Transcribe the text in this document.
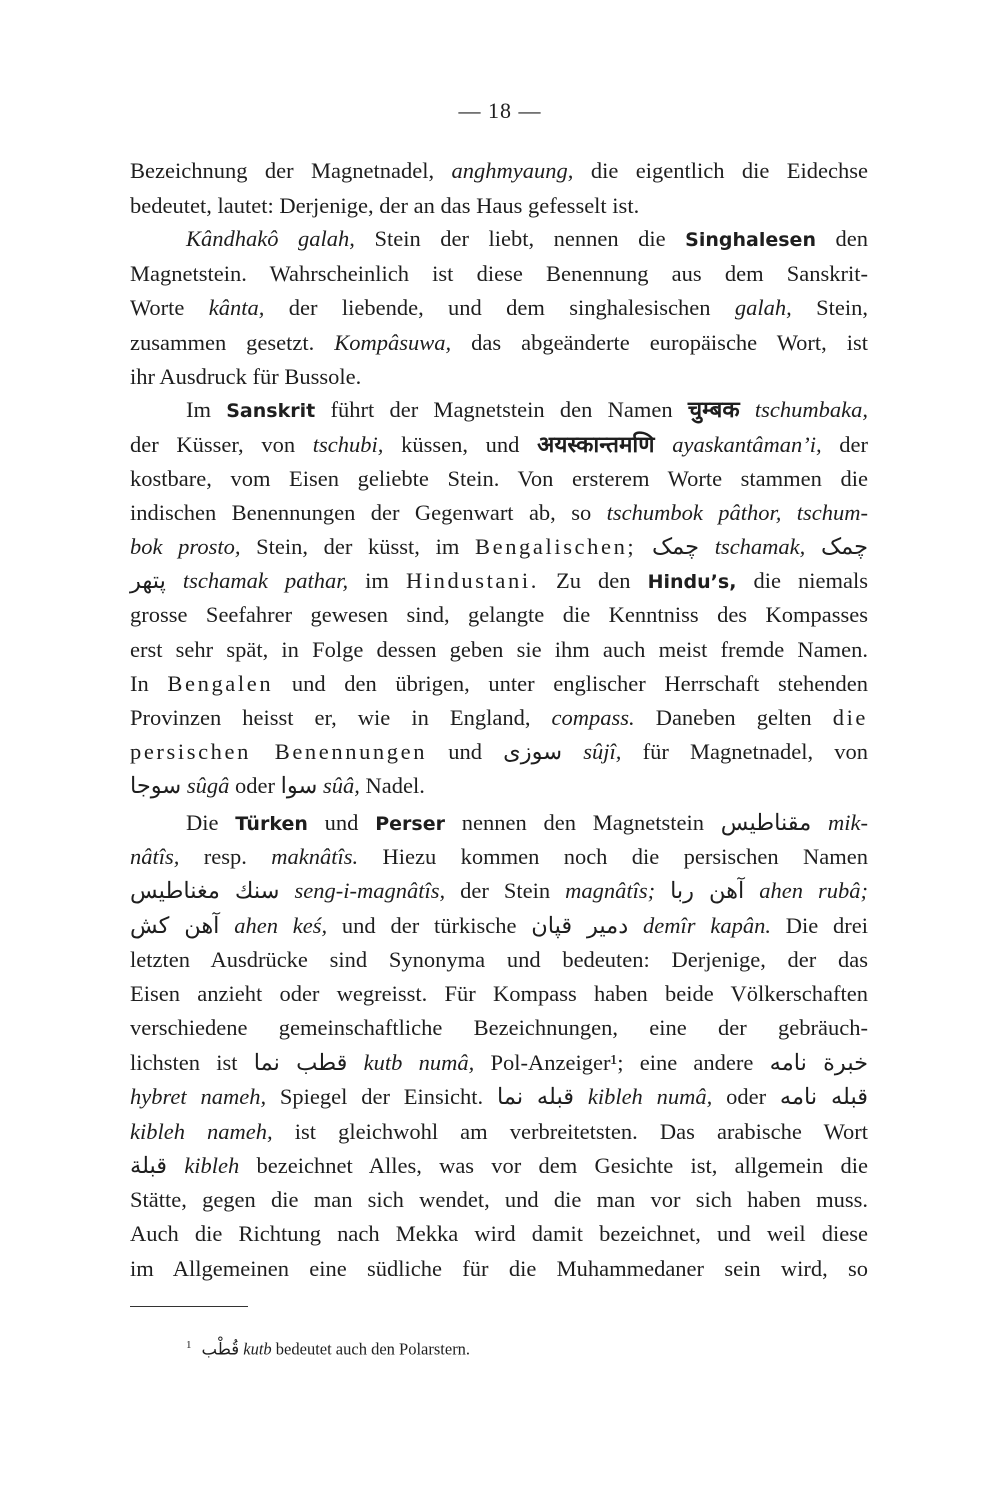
— 18 —
Bezeichnung der Magnetnadel, anghmyaung, die eigentlich die Eidechse
bedeutet, lautet: Derjenige, der an das Haus gefesselt ist.
Kândhakô galah, Stein der liebt, nennen die Singhalesen den
Magnetstein. Wahrscheinlich ist diese Benennung aus dem Sanskrit-
Worte kânta, der liebende, und dem singhalesischen galah, Stein,
zusammen gesetzt. Kompâsuwa, das abgeänderte europäische Wort, ist
ihr Ausdruck für Bussole.
Im Sanskrit führt der Magnetstein den Namen चुम्बक tschumbaka,
der Küsser, von tschubi, küssen, und अयस्कान्तमणि ayaskantâman’i, der
kostbare, vom Eisen geliebte Stein. Von ersterem Worte stammen die
indischen Benennungen der Gegenwart ab, so tschumbok pâthor, tschum-
bok prosto, Stein, der küsst, im Bengalischen; چمک tschamak, چمک
پتهر tschamak pathar, im Hindustani. Zu den Hindu’s, die niemals
grosse Seefahrer gewesen sind, gelangte die Kenntniss des Kompasses
erst sehr spät, in Folge dessen geben sie ihm auch meist fremde Namen.
In Bengalen und den übrigen, unter englischer Herrschaft stehenden
Provinzen heisst er, wie in England, compass. Daneben gelten die
persischen Benennungen und سوزی sûjî, für Magnetnadel, von
سوجا sûgâ oder سوا sûâ, Nadel.
Die Türken und Perser nennen den Magnetstein مقناطيس mik-
nâtîs, resp. maknâtîs. Hiezu kommen noch die persischen Namen
سنك مغناطيس seng-i-magnâtîs, der Stein magnâtîs; آهن ربا ahen rubâ;
آهن كش ahen keś, und der türkische دمير قپان demîr kapân. Die drei
letzten Ausdrücke sind Synonyma und bedeuten: Derjenige, der das
Eisen anzieht oder wegreisst. Für Kompass haben beide Völkerschaften
verschiedene gemeinschaftliche Bezeichnungen, eine der gebräuch-
lichsten ist قطب نما kutb numâ, Pol-Anzeiger¹; eine andere خبرة نامه
hybret nameh, Spiegel der Einsicht. قبله نما kibleh numâ, oder قبله نامه
kibleh nameh, ist gleichwohl am verbreitetsten. Das arabische Wort
قبلة kibleh bezeichnet Alles, was vor dem Gesichte ist, allgemein die
Stätte, gegen die man sich wendet, und die man vor sich haben muss.
Auch die Richtung nach Mekka wird damit bezeichnet, und weil diese
im Allgemeinen eine südliche für die Muhammedaner sein wird, so
$^1$ قُطْب kutb bedeutet auch den Polarstern.
